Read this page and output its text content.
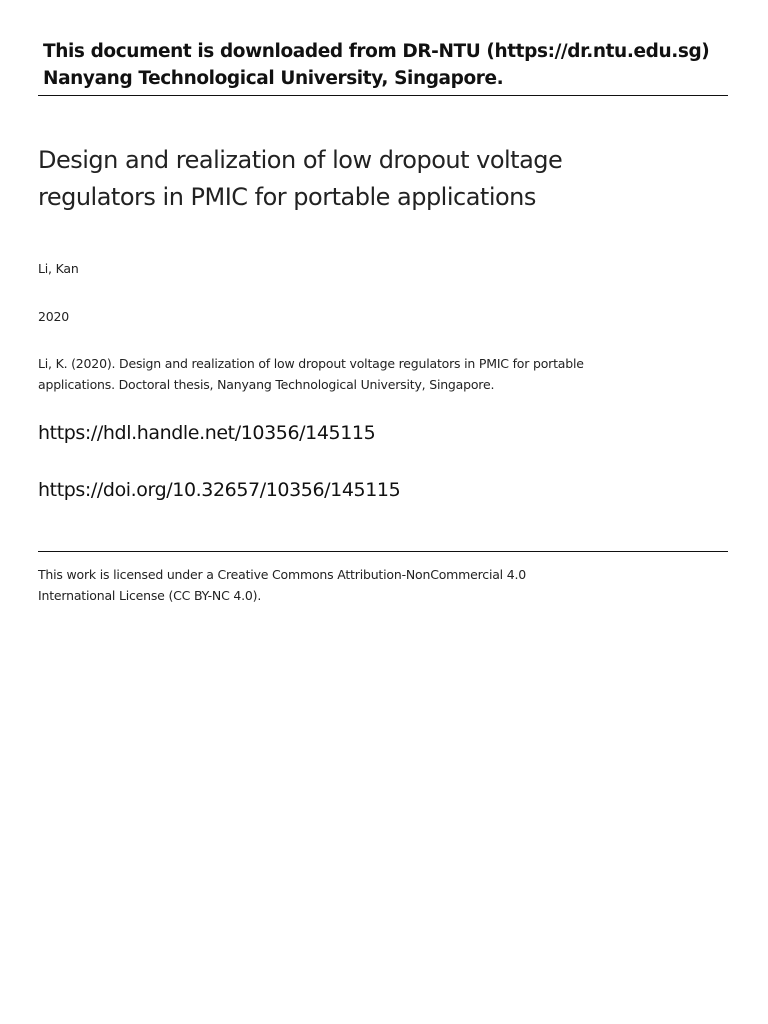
This document is downloaded from DR-NTU (https://dr.ntu.edu.sg)
Nanyang Technological University, Singapore.
Design and realization of low dropout voltage
regulators in PMIC for portable applications
Li, Kan
2020
Li, K. (2020). Design and realization of low dropout voltage regulators in PMIC for portable
applications. Doctoral thesis, Nanyang Technological University, Singapore.
https://hdl.handle.net/10356/145115
https://doi.org/10.32657/10356/145115
This work is licensed under a Creative Commons Attribution-NonCommercial 4.0
International License (CC BY-NC 4.0).
